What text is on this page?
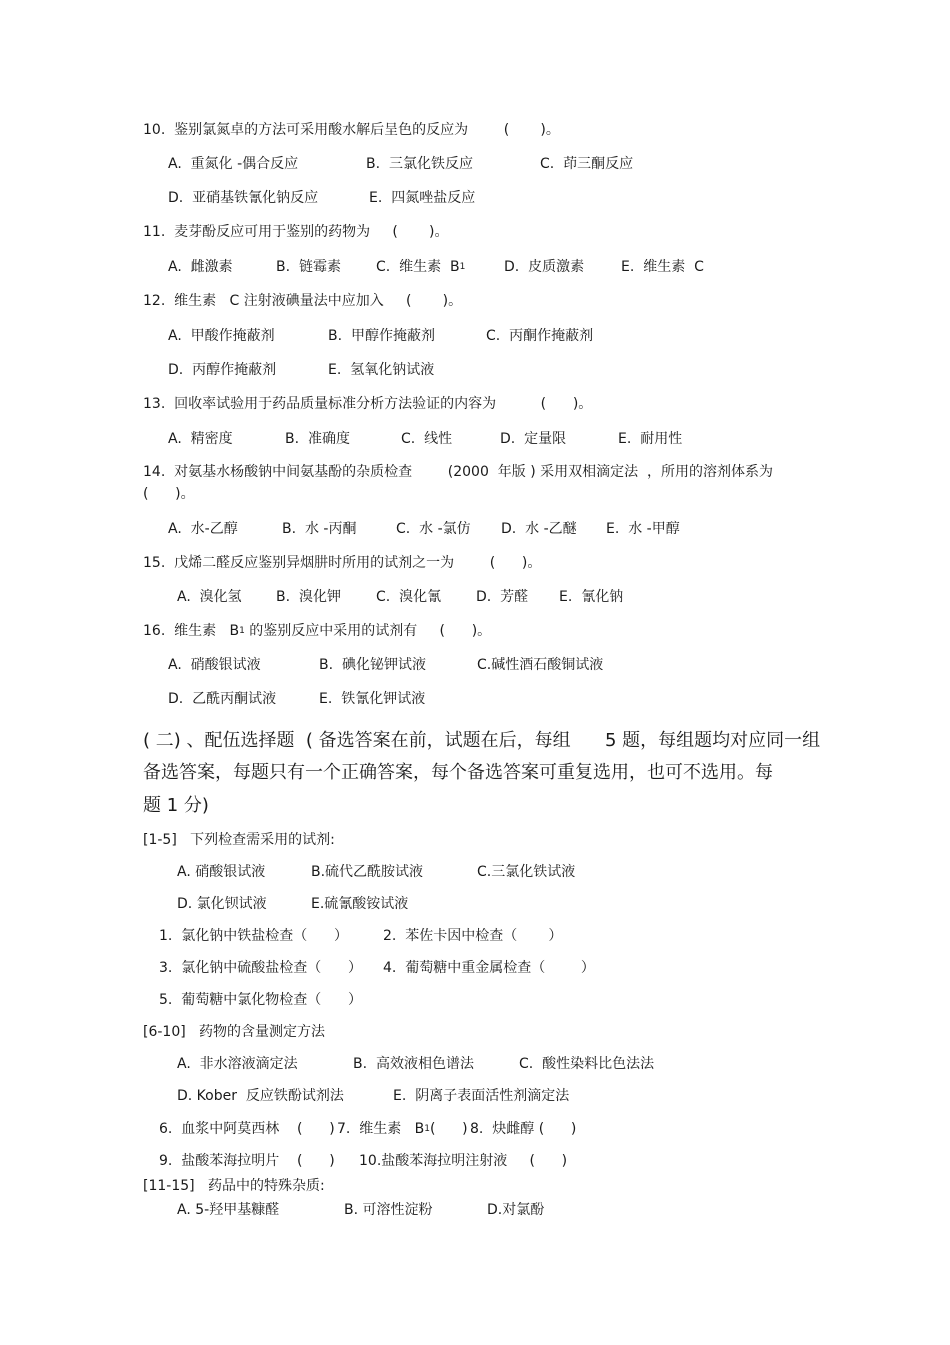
10.  鉴别氯氮卓的方法可采用酸水解后呈色的反应为        (       )。

A.  重氮化 -偶合反应

	B.  三氯化铁反应

	C.  茚三酮反应

D.  亚硝基铁氰化钠反应

	E.  四氮唑盐反应

11.  麦芽酚反应可用于鉴别的药物为     (       )。

A.  雌激素

	B.  链霉素

	C.  维生素  $B_1$

	D.  皮质激素

	E.  维生素  C

12.  维生素   C 注射液碘量法中应加入     (       )。

A.  甲酸作掩蔽剂

	B.  甲醇作掩蔽剂

	C.  丙酮作掩蔽剂

D.  丙醇作掩蔽剂

	E.  氢氧化钠试液

13.  回收率试验用于药品质量标准分析方法验证的内容为          (      )。

A.  精密度

	B.  准确度

	C.  线性

	D.  定量限

	E.  耐用性

14.  对氨基水杨酸钠中间氨基酚的杂质检查        (2000  年版 ) 采用双相滴定法  ，所用的溶剂体系为
(      )。

A.  水-乙醇

	B.  水 -丙酮

	C.  水 -氯仿

D.  水 -乙醚

E.  水 -甲醇

15.  戊烯二醛反应鉴别异烟肼时所用的试剂之一为        (      )。

A.  溴化氢

B.  溴化钾

	C.  溴化氰

D.  芳醛

E.  氰化钠

16.  维生素   $B_1$ 的鉴别反应中采用的试剂有     (      )。

A.  硝酸银试液

	B.  碘化铋钾试液

	C.碱性酒石酸铜试液

D.  乙酰丙酮试液

	E.  铁氰化钾试液

( 二) 、配伍选择题  ( 备选答案在前，试题在后，每组      5 题，每组题均对应同一组
备选答案，每题只有一个正确答案，每个备选答案可重复选用，也可不选用。每
题 1 分)
[1-5]   下列检查需采用的试剂:

A. 硝酸银试液

	B.硫代乙酰胺试液

	C.三氯化铁试液

D. 氯化钡试液

	E.硫氰酸铵试液

1.  氯化钠中铁盐检查（      ）

	2.  苯佐卡因中检查（       ）

3.  氯化钠中硫酸盐检查（      ）

4.  葡萄糖中重金属检查（        ）

5.  葡萄糖中氯化物检查（      ）
[6-10]   药物的含量测定方法

A.  非水溶液滴定法

	B.  高效液相色谱法

	C.  酸性染料比色法法

D. Kober  反应铁酚试剂法

	E.  阴离子表面活性剂滴定法

6.  血浆中阿莫西林    (      )

7.  维生素   $B_1$(      )

8.  炔雌醇 (      )

9.  盐酸苯海拉明片    (      )

10.盐酸苯海拉明注射液     (      )

[11-15]   药品中的特殊杂质:

A. 5-羟甲基糠醛

	B. 可溶性淀粉

	D.对氯酚
